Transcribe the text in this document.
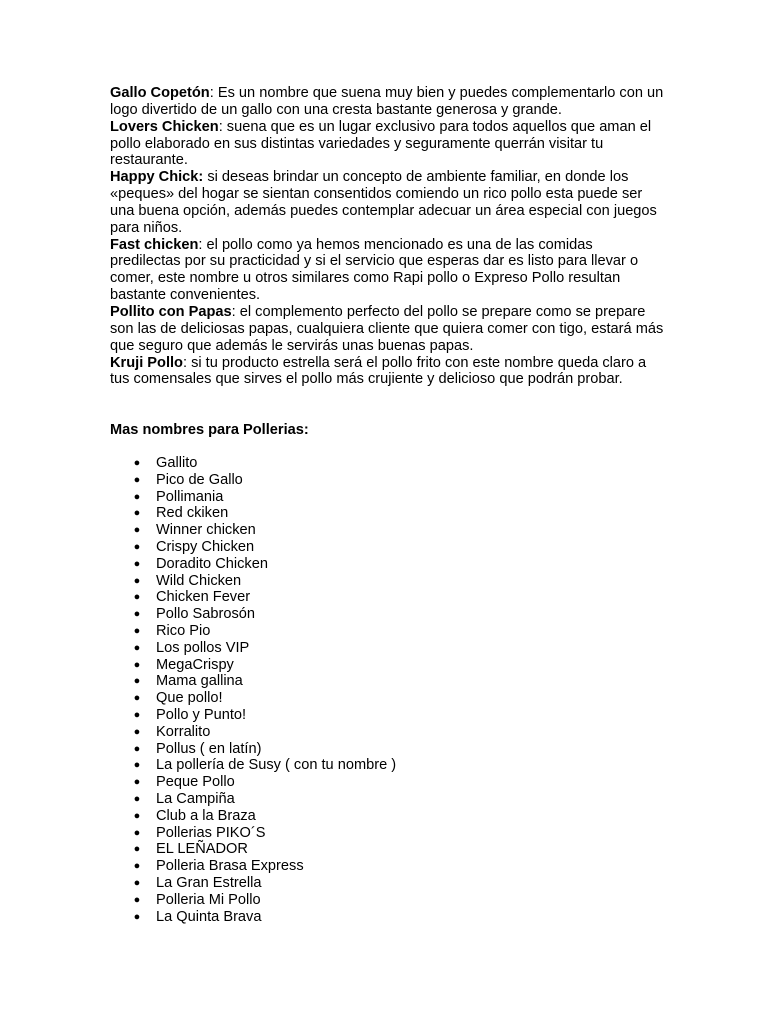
Gallo Copetón: Es un nombre que suena muy bien y puedes complementarlo con un logo divertido de un gallo con una cresta bastante generosa y grande.

Lovers Chicken: suena que es un lugar exclusivo para todos aquellos que aman el pollo elaborado en sus distintas variedades y seguramente querrán visitar tu restaurante.

Happy Chick: si deseas brindar un concepto de ambiente familiar, en donde los «peques» del hogar se sientan consentidos comiendo un rico pollo esta puede ser una buena opción, además puedes contemplar adecuar un área especial con juegos para niños.

Fast chicken: el pollo como ya hemos mencionado es una de las comidas predilectas por su practicidad y si el servicio que esperas dar es listo para llevar o comer, este nombre u otros similares como Rapi pollo o Expreso Pollo resultan bastante convenientes.

Pollito con Papas: el complemento perfecto del pollo se prepare como se prepare son las de deliciosas papas, cualquiera cliente que quiera comer con tigo, estará más que seguro que además le servirás unas buenas papas.

Kruji Pollo: si tu producto estrella será el pollo frito con este nombre queda claro a tus comensales que sirves el pollo más crujiente y delicioso que podrán probar.

Mas nombres para Pollerias:

● Gallito
● Pico de Gallo
● Pollimania
● Red ckiken
● Winner chicken
● Crispy Chicken
● Doradito Chicken
● Wild Chicken
● Chicken Fever
● Pollo Sabrosón
● Rico Pio
● Los pollos VIP
● MegaCrispy
● Mama gallina
● Que pollo!
● Pollo y Punto!
● Korralito
● Pollus ( en latín)
● La pollería de Susy ( con tu nombre )
● Peque Pollo
● La Campiña
● Club a la Braza
● Pollerias PIKO´S
● EL LEÑADOR
● Polleria Brasa Express
● La Gran Estrella
● Polleria Mi Pollo
● La Quinta Brava
